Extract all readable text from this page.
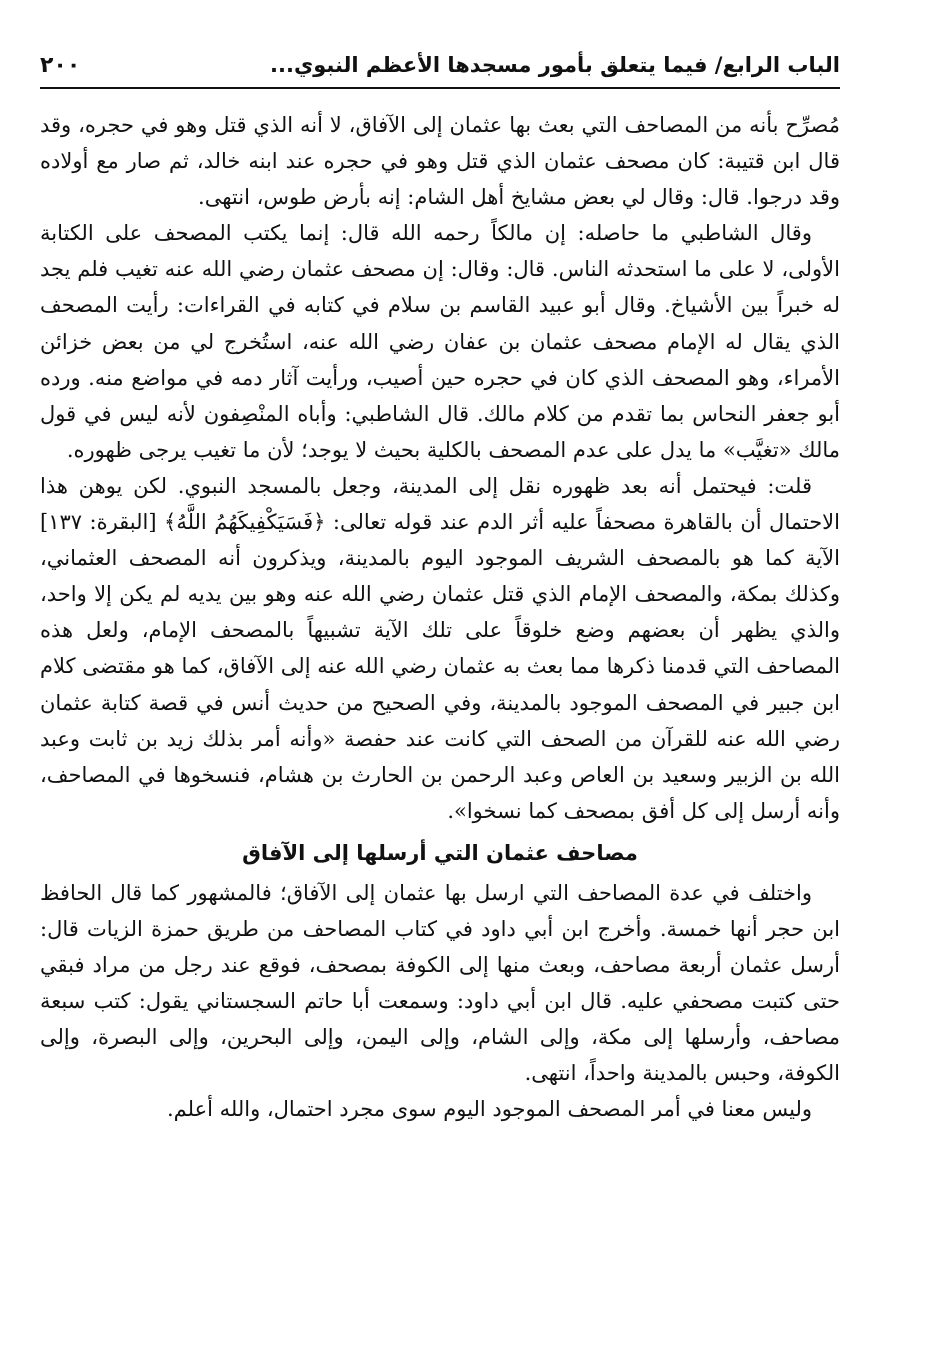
الباب الرابع/ فيما يتعلق بأمور مسجدها الأعظم النبوي...
٢٠٠

مُصرِّح بأنه من المصاحف التي بعث بها عثمان إلى الآفاق، لا أنه الذي قتل وهو في حجره، وقد قال ابن قتيبة: كان مصحف عثمان الذي قتل وهو في حجره عند ابنه خالد، ثم صار مع أولاده وقد درجوا. قال: وقال لي بعض مشايخ أهل الشام: إنه بأرض طوس، انتهى.

وقال الشاطبي ما حاصله: إن مالكاً رحمه الله قال: إنما يكتب المصحف على الكتابة الأولى، لا على ما استحدثه الناس. قال: وقال: إن مصحف عثمان رضي الله عنه تغيب فلم يجد له خبراً بين الأشياخ. وقال أبو عبيد القاسم بن سلام في كتابه في القراءات: رأيت المصحف الذي يقال له الإمام مصحف عثمان بن عفان رضي الله عنه، استُخرج لي من بعض خزائن الأمراء، وهو المصحف الذي كان في حجره حين أصيب، ورأيت آثار دمه في مواضع منه. ورده أبو جعفر النحاس بما تقدم من كلام مالك. قال الشاطبي: وأباه المنْصِفون لأنه ليس في قول مالك «تغيَّب» ما يدل على عدم المصحف بالكلية بحيث لا يوجد؛ لأن ما تغيب يرجى ظهوره.

قلت: فيحتمل أنه بعد ظهوره نقل إلى المدينة، وجعل بالمسجد النبوي. لكن يوهن هذا الاحتمال أن بالقاهرة مصحفاً عليه أثر الدم عند قوله تعالى: ﴿فَسَيَكْفِيكَهُمُ اللَّهُ﴾ [البقرة: ١٣٧] الآية كما هو بالمصحف الشريف الموجود اليوم بالمدينة، ويذكرون أنه المصحف العثماني، وكذلك بمكة، والمصحف الإمام الذي قتل عثمان رضي الله عنه وهو بين يديه لم يكن إلا واحد، والذي يظهر أن بعضهم وضع خلوقاً على تلك الآية تشبيهاً بالمصحف الإمام، ولعل هذه المصاحف التي قدمنا ذكرها مما بعث به عثمان رضي الله عنه إلى الآفاق، كما هو مقتضى كلام ابن جبير في المصحف الموجود بالمدينة، وفي الصحيح من حديث أنس في قصة كتابة عثمان رضي الله عنه للقرآن من الصحف التي كانت عند حفصة «وأنه أمر بذلك زيد بن ثابت وعبد الله بن الزبير وسعيد بن العاص وعبد الرحمن بن الحارث بن هشام، فنسخوها في المصاحف، وأنه أرسل إلى كل أفق بمصحف كما نسخوا».

مصاحف عثمان التي أرسلها إلى الآفاق

واختلف في عدة المصاحف التي ارسل بها عثمان إلى الآفاق؛ فالمشهور كما قال الحافظ ابن حجر أنها خمسة. وأخرج ابن أبي داود في كتاب المصاحف من طريق حمزة الزيات قال: أرسل عثمان أربعة مصاحف، وبعث منها إلى الكوفة بمصحف، فوقع عند رجل من مراد فبقي حتى كتبت مصحفي عليه. قال ابن أبي داود: وسمعت أبا حاتم السجستاني يقول: كتب سبعة مصاحف، وأرسلها إلى مكة، وإلى الشام، وإلى اليمن، وإلى البحرين، وإلى البصرة، وإلى الكوفة، وحبس بالمدينة واحداً، انتهى.

وليس معنا في أمر المصحف الموجود اليوم سوى مجرد احتمال، والله أعلم.
